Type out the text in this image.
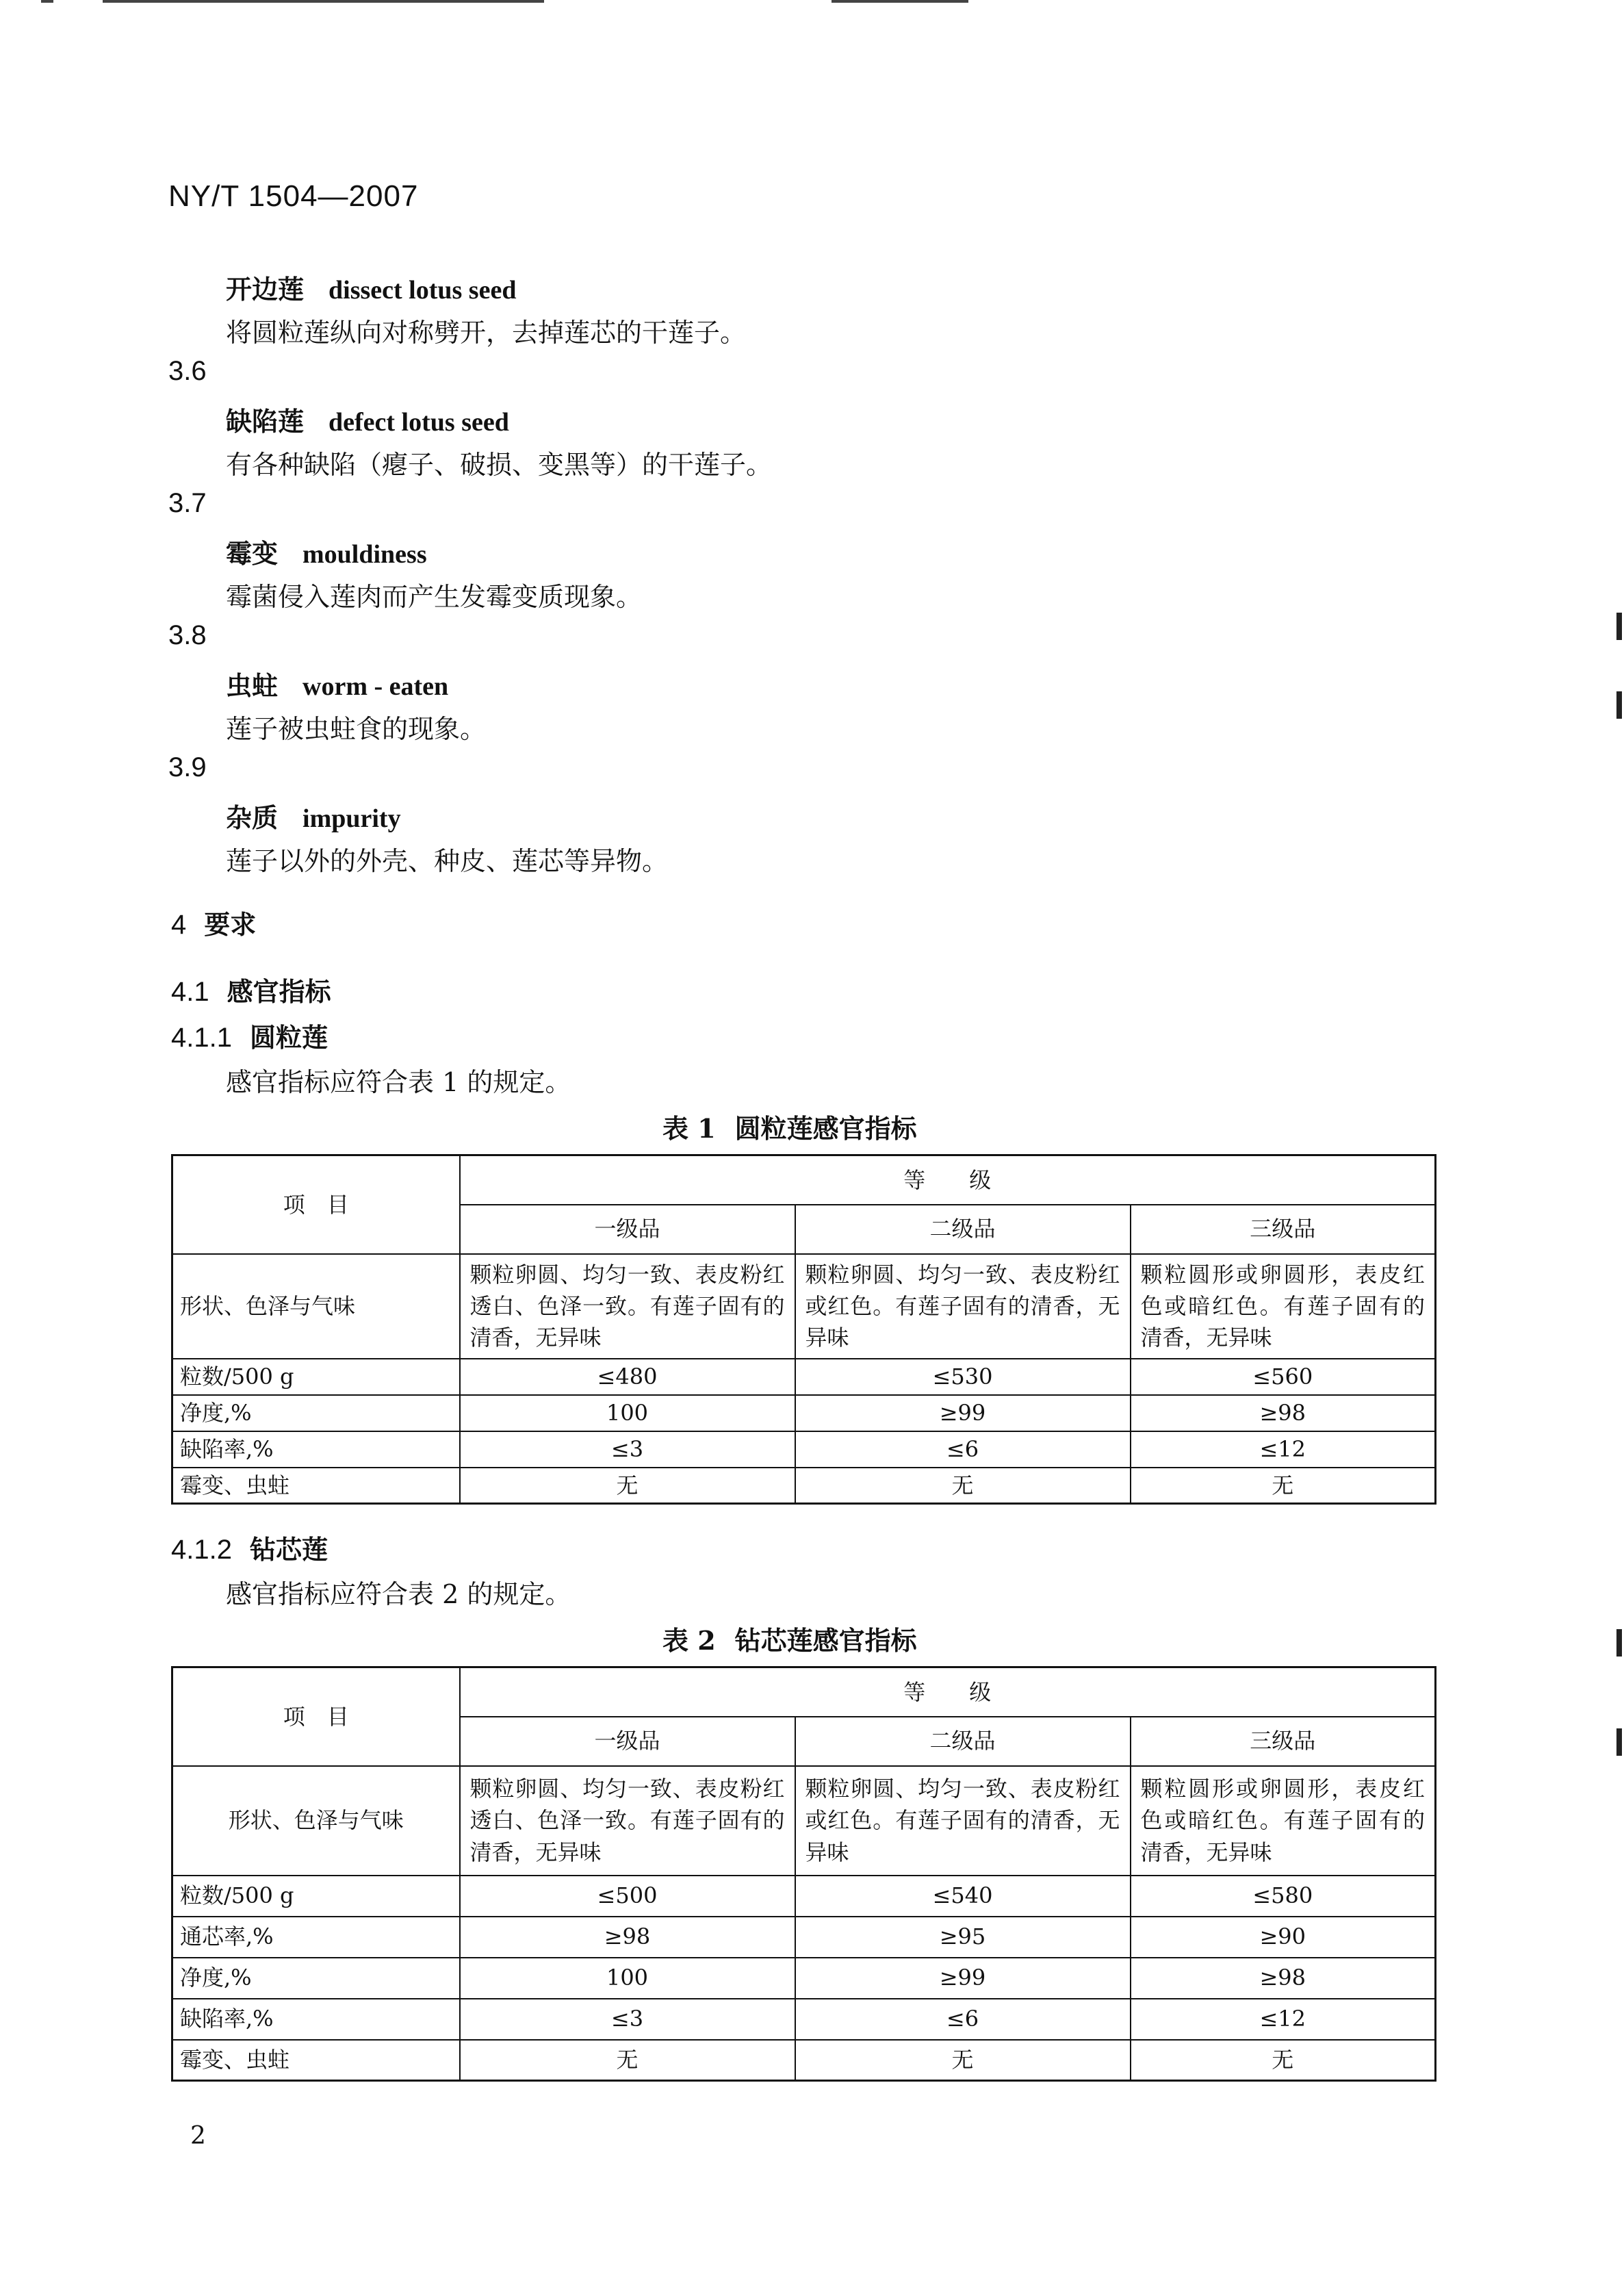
NY/T 1504—2007
开边莲 dissect lotus seed
将圆粒莲纵向对称劈开，去掉莲芯的干莲子。
3.6
缺陷莲 defect lotus seed
有各种缺陷（瘪子、破损、变黑等）的干莲子。
3.7
霉变 mouldiness
霉菌侵入莲肉而产生发霉变质现象。
3.8
虫蛀 worm - eaten
莲子被虫蛀食的现象。
3.9
杂质 impurity
莲子以外的外壳、种皮、莲芯等异物。
4 要求
4.1 感官指标
4.1.1 圆粒莲
感官指标应符合表 1 的规定。
表 1 圆粒莲感官指标
项　目	等　　级		
	一级品	二级品	三级品
形状、色泽与气味	颗粒卵圆、均匀一致、表皮粉红透白、色泽一致。有莲子固有的清香，无异味	颗粒卵圆、均匀一致、表皮粉红或红色。有莲子固有的清香，无异味	颗粒圆形或卵圆形，表皮红色或暗红色。有莲子固有的清香，无异味
粒数/500 g	≤480	≤530	≤560
净度,%	100	≥99	≥98
缺陷率,%	≤3	≤6	≤12
霉变、虫蛀	无	无	无
4.1.2 钻芯莲
感官指标应符合表 2 的规定。
表 2 钻芯莲感官指标
项　目	等　　级		
	一级品	二级品	三级品
形状、色泽与气味	颗粒卵圆、均匀一致、表皮粉红透白、色泽一致。有莲子固有的清香，无异味	颗粒卵圆、均匀一致、表皮粉红或红色。有莲子固有的清香，无异味	颗粒圆形或卵圆形，表皮红色或暗红色。有莲子固有的清香，无异味
粒数/500 g	≤500	≤540	≤580
通芯率,%	≥98	≥95	≥90
净度,%	100	≥99	≥98
缺陷率,%	≤3	≤6	≤12
霉变、虫蛀	无	无	无
2
